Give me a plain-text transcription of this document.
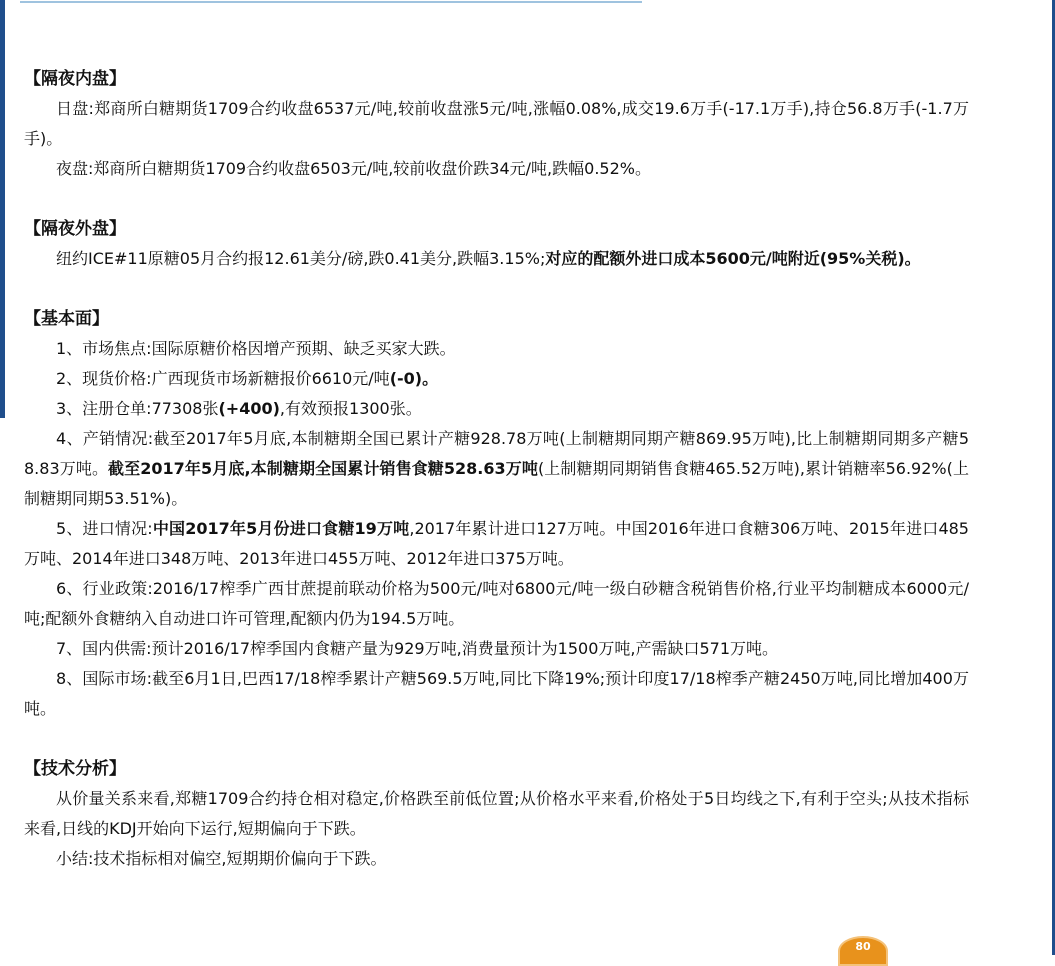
【隔夜内盘】
日盘:郑商所白糖期货1709合约收盘6537元/吨,较前收盘涨5元/吨,涨幅0.08%,成交19.6万手(-17.1万手),持仓56.8万手(-1.7万手)。
夜盘:郑商所白糖期货1709合约收盘6503元/吨,较前收盘价跌34元/吨,跌幅0.52%。
【隔夜外盘】
纽约ICE#11原糖05月合约报12.61美分/磅,跌0.41美分,跌幅3.15%;对应的配额外进口成本5600元/吨附近(95%关税)。
【基本面】
1、市场焦点:国际原糖价格因增产预期、缺乏买家大跌。
2、现货价格:广西现货市场新糖报价6610元/吨(-0)。
3、注册仓单:77308张(+400),有效预报1300张。
4、产销情况:截至2017年5月底,本制糖期全国已累计产糖928.78万吨(上制糖期同期产糖869.95万吨),比上制糖期同期多产糖58.83万吨。截至2017年5月底,本制糖期全国累计销售食糖528.63万吨(上制糖期同期销售食糖465.52万吨),累计销糖率56.92%(上制糖期同期53.51%)。
5、进口情况:中国2017年5月份进口食糖19万吨,2017年累计进口127万吨。中国2016年进口食糖306万吨、2015年进口485万吨、2014年进口348万吨、2013年进口455万吨、2012年进口375万吨。
6、行业政策:2016/17榨季广西甘蔗提前联动价格为500元/吨对6800元/吨一级白砂糖含税销售价格,行业平均制糖成本6000元/吨;配额外食糖纳入自动进口许可管理,配额内仍为194.5万吨。
7、国内供需:预计2016/17榨季国内食糖产量为929万吨,消费量预计为1500万吨,产需缺口571万吨。
8、国际市场:截至6月1日,巴西17/18榨季累计产糖569.5万吨,同比下降19%;预计印度17/18榨季产糖2450万吨,同比增加400万吨。
【技术分析】
从价量关系来看,郑糖1709合约持仓相对稳定,价格跌至前低位置;从价格水平来看,价格处于5日均线之下,有利于空头;从技术指标来看,日线的KDJ开始向下运行,短期偏向于下跌。
小结:技术指标相对偏空,短期期价偏向于下跌。
80
